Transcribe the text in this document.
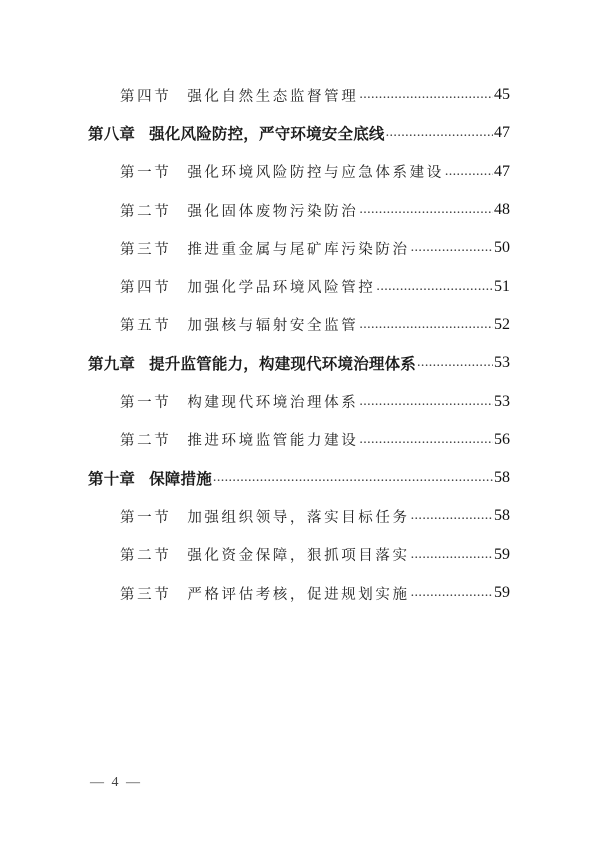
第四节 强化自然生态监督管理 .....	45
第八章 强化风险防控，严守环境安全底线 .....	47
第一节 强化环境风险防控与应急体系建设 .....	47
第二节 强化固体废物污染防治 .....	48
第三节 推进重金属与尾矿库污染防治 .....	50
第四节 加强化学品环境风险管控 .....	51
第五节 加强核与辐射安全监管 .....	52
第九章 提升监管能力，构建现代环境治理体系 .....	53
第一节 构建现代环境治理体系 .....	53
第二节 推进环境监管能力建设 .....	56
第十章 保障措施 .....	58
第一节 加强组织领导，落实目标任务 .....	58
第二节 强化资金保障，狠抓项目落实 .....	59
第三节 严格评估考核，促进规划实施 .....	59
— 4 —
